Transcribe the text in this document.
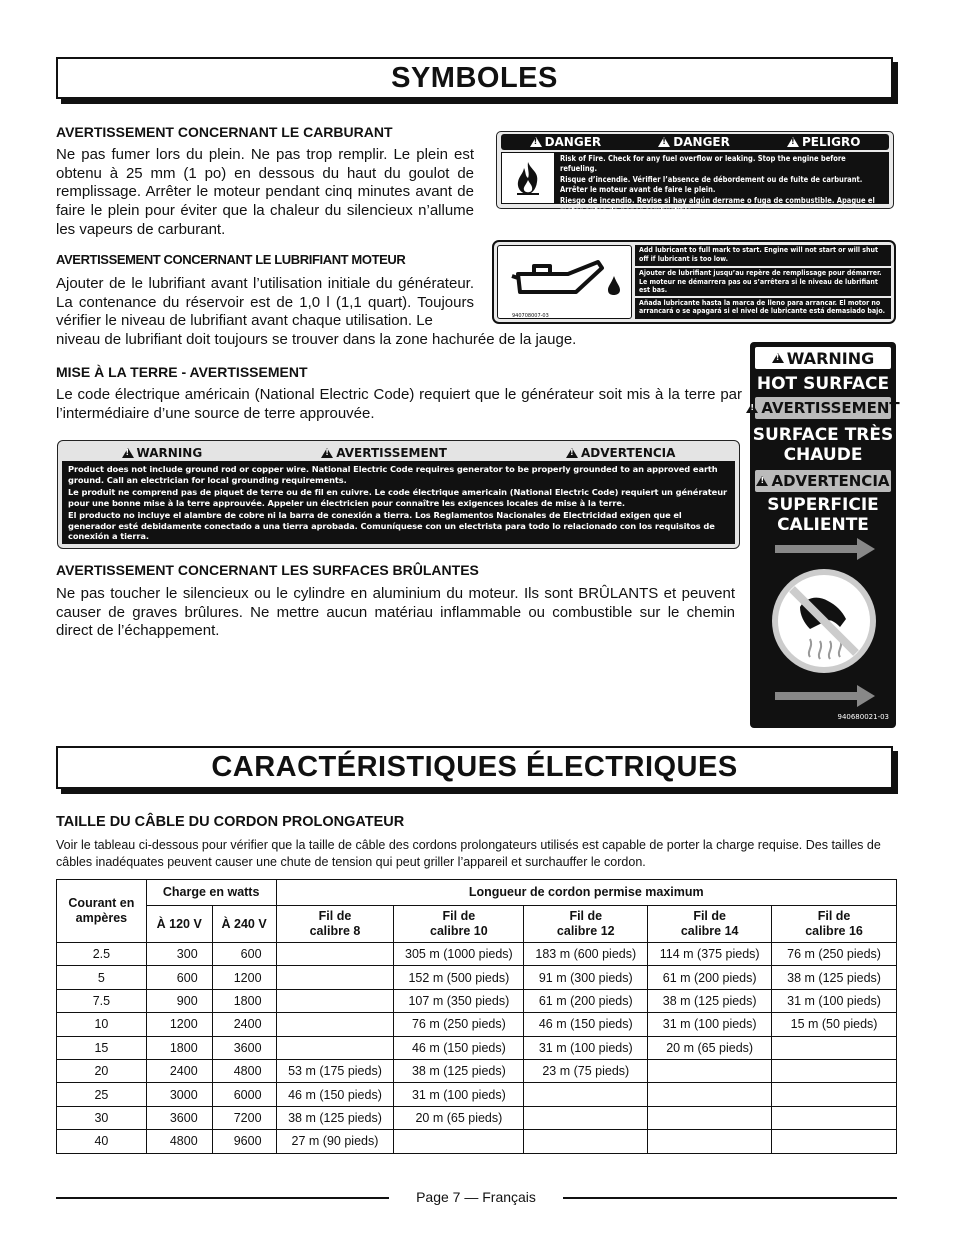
SYMBOLES
AVERTISSEMENT CONCERNANT LE CARBURANT
Ne pas fumer lors du plein. Ne pas trop remplir. Le plein est obtenu à 25 mm (1 po) en dessous du haut du goulot de remplissage. Arrêter le moteur pendant cinq minutes avant de faire le plein pour éviter que la chaleur du silencieux n’allume les vapeurs de carburant.
!DANGER !	DANGER !	PELIGRO
Risk of Fire. Check for any fuel overflow or leaking. Stop the engine before refueling.
Risque d’incendie. Vérifier l’absence de débordement ou de fuite de carburant. Arrêter le moteur avant de faire le plein.
Riesgo de incendio. Revise si hay algún derrame o fuga de combustible. Apague el motor antes de poner combustible.
940974007-03
AVERTISSEMENT CONCERNANT LE LUBRIFIANT MOTEUR
Ajouter de le lubrifiant avant l’utilisation initiale du générateur. La contenance du réservoir est de 1,0 l (1,1 quart). Toujours vérifier le niveau de lubrifiant avant chaque utilisation. Le
niveau de lubrifiant doit toujours se trouver dans la zone hachurée de la jauge.
940708007-03
Add lubricant to full mark to start. Engine will not start or will shut off if lubricant is too low.
Ajouter de lubrifiant jusqu’au repère de remplissage pour démarrer. Le moteur ne démarrera pas ou s’arrêtera si le niveau de lubrifiant est bas.
Añada lubricante hasta la marca de lleno para arrancar. El motor no arrancará o se apagará si el nivel de lubricante está demasiado bajo.
MISE À LA TERRE - AVERTISSEMENT
Le code électrique américain (National Electric Code) requiert que le générateur soit mis à la terre par l’intermédiaire d’une source de terre approuvée.
!WARNING !	AVERTISSEMENT !	ADVERTENCIA

Product does not include ground rod or copper wire. National Electric Code requires generator to be properly grounded to an approved earth ground. Call an electrician for local grounding requirements.

Le produit ne comprend pas de piquet de terre ou de fil en cuivre. Le code électrique americain (National Electric Code) requiert un générateur pour une bonne mise à la terre approuvée. Appeler un électricien pour connaître les exigences locales de mise à la terre.

El producto no incluye el alambre de cobre ni la barra de conexión a tierra. Los Reglamentos Nacionales de Electricidad exigen que el generador esté debidamente conectado a una tierra aprobada. Comuníquese con un electrista para todo lo relacionado con los requisitos de conexión a tierra.

AVERTISSEMENT CONCERNANT LES SURFACES BRÛLANTES
Ne pas toucher le silencieux ou le cylindre en aluminium du moteur. Ils sont BRÛLANTS et peuvent causer de graves brûlures. Ne mettre aucun matériau inflammable ou combustible sur le chemin direct de l’échappement.
!
WARNING
HOT SURFACE
!
AVERTISSEMENT
SURFACE TRÈS
CHAUDE
!
ADVERTENCIA
SUPERFICIE
CALIENTE
940680021-03
CARACTÉRISTIQUES ÉLECTRIQUES
TAILLE DU CÂBLE DU CORDON PROLONGATEUR
Voir le tableau ci-dessous pour vérifier que la taille de câble des cordons prolongateurs utilisés est capable de porter la charge requise. Des tailles de câbles inadéquates peuvent causer une chute de tension qui peut griller l’appareil et surchauffer le cordon.
Courant en
ampères	Charge en watts		Longueur de cordon permise maximum				
	À 120 V	À 240 V	Fil de
calibre 8	Fil de
calibre 10	Fil de
calibre 12	Fil de
calibre 14	Fil de
calibre 16
2.5	300	600		305 m (1000 pieds)	183 m (600 pieds)	114 m (375 pieds)	76 m (250 pieds)
5	600	1200		152 m (500 pieds)	91 m (300 pieds)	61 m (200 pieds)	38 m (125 pieds)
7.5	900	1800		107 m (350 pieds)	61 m (200 pieds)	38 m (125 pieds)	31 m (100 pieds)
10	1200	2400		76 m (250 pieds)	46 m (150 pieds)	31 m (100 pieds)	15 m (50 pieds)
15	1800	3600		46 m (150 pieds)	31 m (100 pieds)	20 m (65 pieds)	
20	2400	4800	53 m (175 pieds)	38 m (125 pieds)	23 m (75 pieds)		
25	3000	6000	46 m (150 pieds)	31 m (100 pieds)			
30	3600	7200	38 m (125 pieds)	20 m (65 pieds)			
40	4800	9600	27 m (90 pieds)				
Page 7 — Français
